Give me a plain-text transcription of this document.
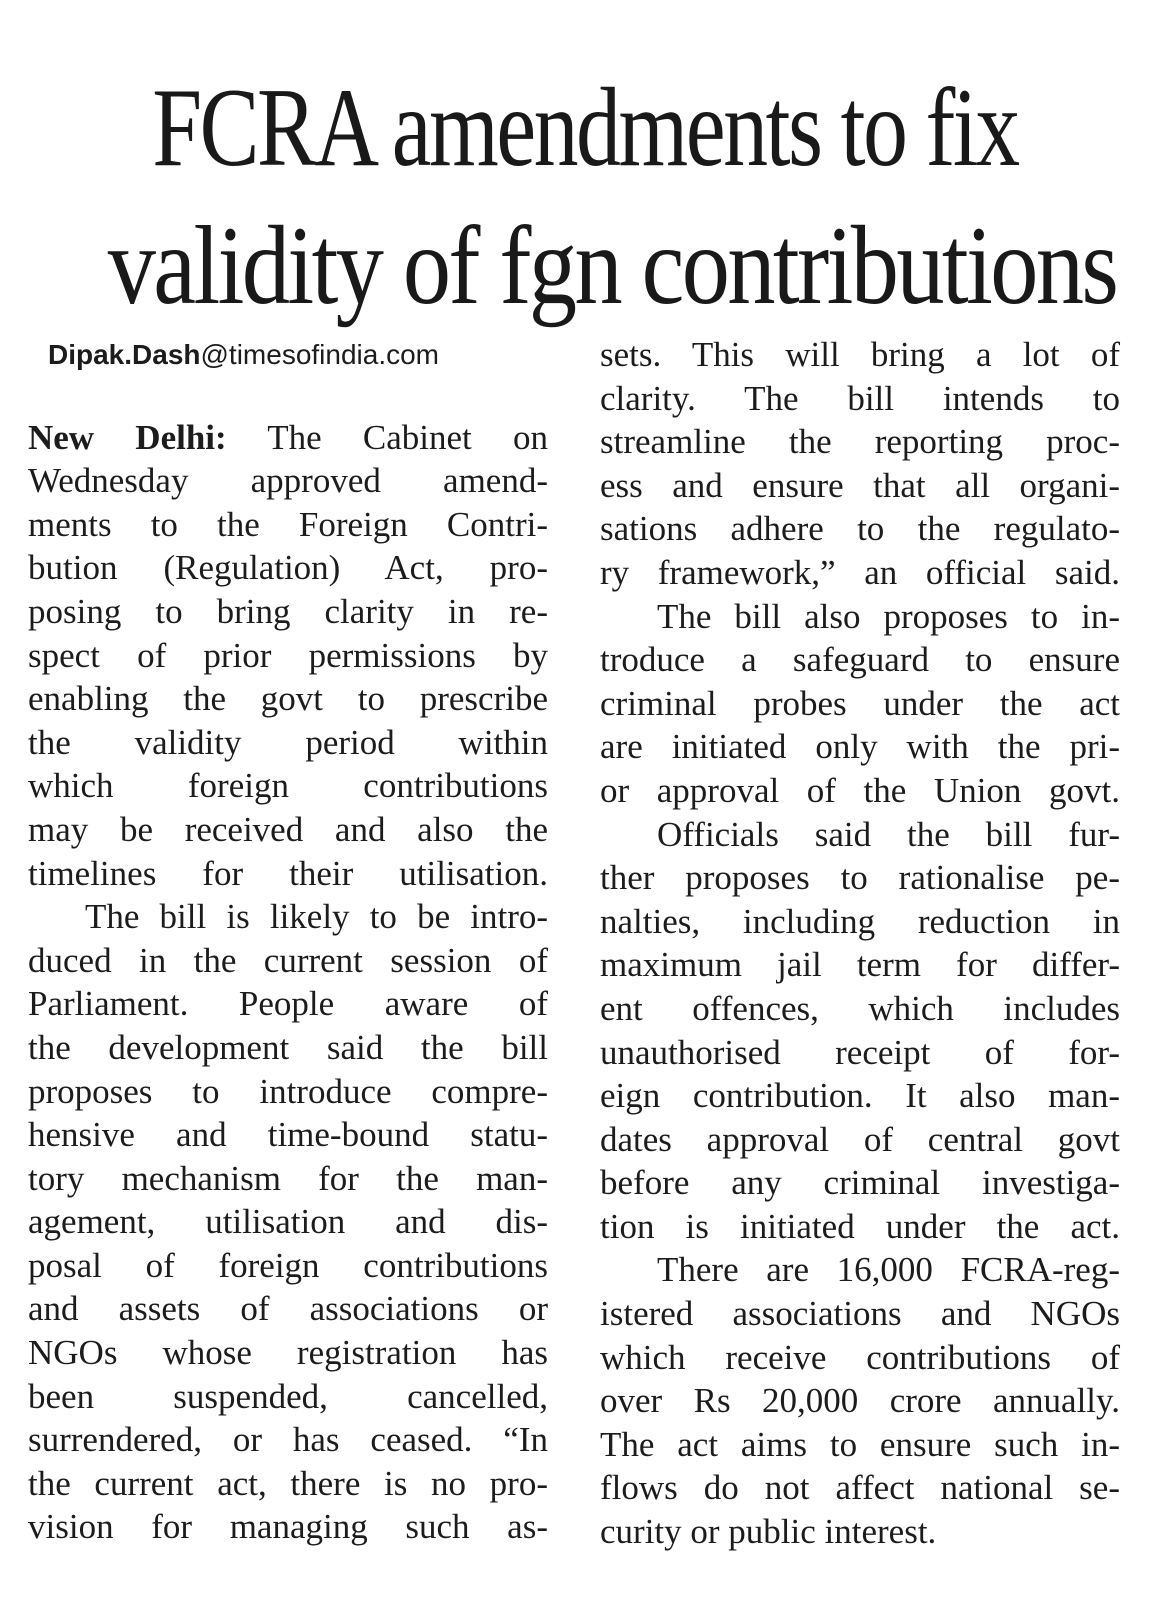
FCRA amendments to fix
validity of fgn contributions
Dipak.Dash@timesofindia.com
New Delhi: The Cabinet on
Wednesday approved amend-
ments to the Foreign Contri-
bution (Regulation) Act, pro-
posing to bring clarity in re-
spect of prior permissions by
enabling the govt to prescribe
the validity period within
which foreign contributions
may be received and also the
timelines for their utilisation.
The bill is likely to be intro-
duced in the current session of
Parliament. People aware of
the development said the bill
proposes to introduce compre-
hensive and time-bound statu-
tory mechanism for the man-
agement, utilisation and dis-
posal of foreign contributions
and assets of associations or
NGOs whose registration has
been suspended, cancelled,
surrendered, or has ceased. “In
the current act, there is no pro-
vision for managing such as-
sets. This will bring a lot of
clarity. The bill intends to
streamline the reporting proc-
ess and ensure that all organi-
sations adhere to the regulato-
ry framework,” an official said.
The bill also proposes to in-
troduce a safeguard to ensure
criminal probes under the act
are initiated only with the pri-
or approval of the Union govt.
Officials said the bill fur-
ther proposes to rationalise pe-
nalties, including reduction in
maximum jail term for differ-
ent offences, which includes
unauthorised receipt of for-
eign contribution. It also man-
dates approval of central govt
before any criminal investiga-
tion is initiated under the act.
There are 16,000 FCRA-reg-
istered associations and NGOs
which receive contributions of
over Rs 20,000 crore annually.
The act aims to ensure such in-
flows do not affect national se-
curity or public interest.
